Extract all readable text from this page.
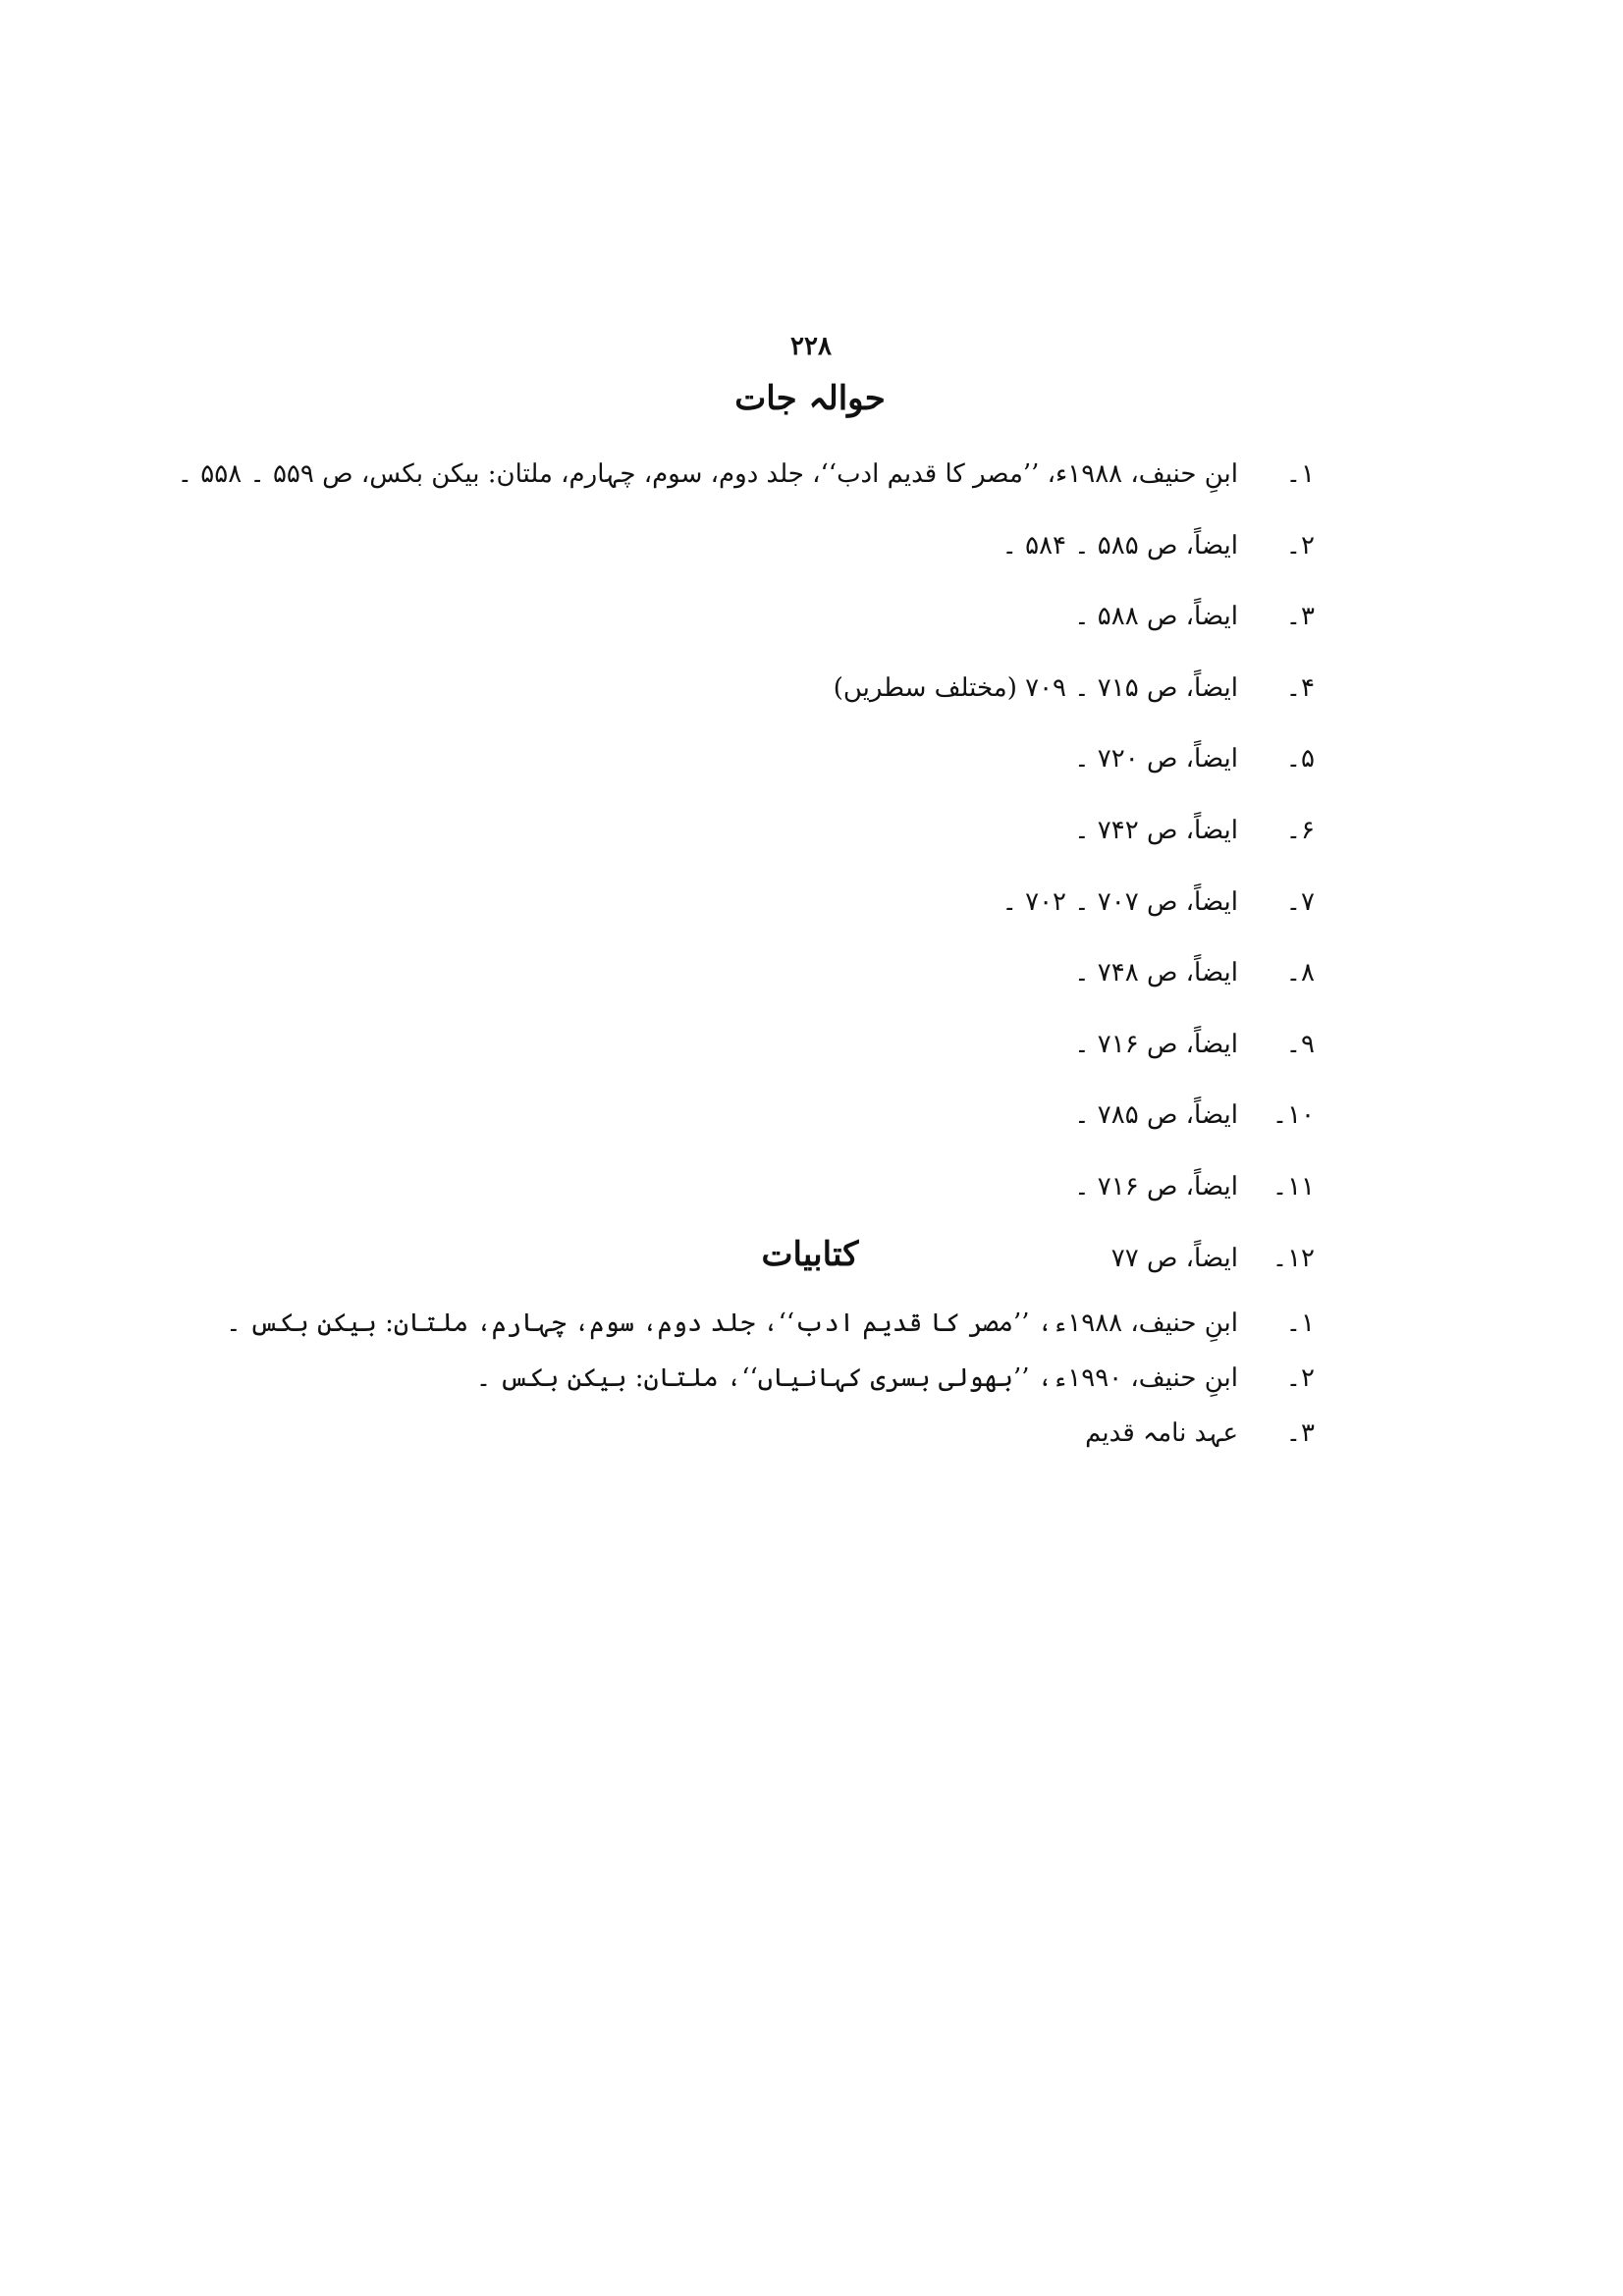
۲۲۸
حوالہ جات
۱۔
ابنِ حنیف، ۱۹۸۸ء، ’’مصر کا قدیم ادب‘‘، جلد دوم، سوم، چہارم، ملتان: بیکن بکس، ص ۵۵۹ ۔ ۵۵۸ ۔
۲۔
ایضاً، ص ۵۸۵ ۔ ۵۸۴ ۔
۳۔
ایضاً، ص ۵۸۸ ۔
۴۔
ایضاً، ص ۷۱۵ ۔ ۷۰۹ (مختلف سطریں)
۵۔
ایضاً، ص ۷۲۰ ۔
۶۔
ایضاً، ص ۷۴۲ ۔
۷۔
ایضاً، ص ۷۰۷ ۔ ۷۰۲ ۔
۸۔
ایضاً، ص ۷۴۸ ۔
۹۔
ایضاً، ص ۷۱۶ ۔
۱۰۔
ایضاً، ص ۷۸۵ ۔
۱۱۔
ایضاً، ص ۷۱۶ ۔
۱۲۔
ایضاً، ص ۷۷
کتابیات
۱۔
ابنِ حنیف، ۱۹۸۸ء، ’’مصر کا قدیم ادب‘‘، جلد دوم، سوم، چہارم، ملتان: بیکن بکس ۔
۲۔
ابنِ حنیف، ۱۹۹۰ء، ’’بھولی بسری کہانیاں‘‘، ملتان: بیکن بکس ۔
۳۔
عہد نامہ قدیم
